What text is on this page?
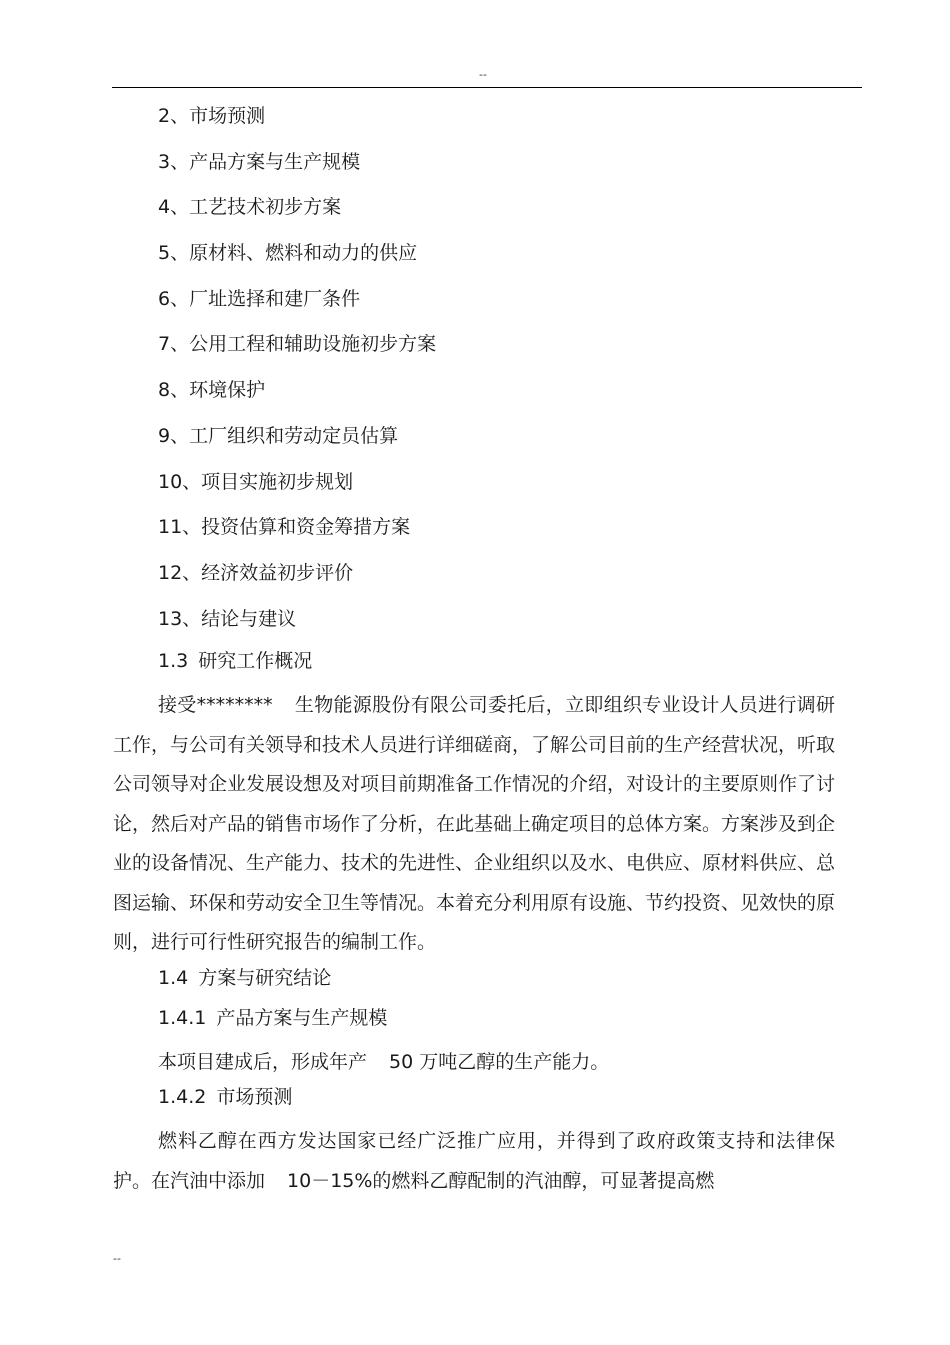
--
2、市场预测
3、产品方案与生产规模
4、工艺技术初步方案
5、原材料、燃料和动力的供应
6、厂址选择和建厂条件
7、公用工程和辅助设施初步方案
8、环境保护
9、工厂组织和劳动定员估算
10、项目实施初步规划
11、投资估算和资金筹措方案
12、经济效益初步评价
13、结论与建议
1.3 研究工作概况

接受******** 生物能源股份有限公司委托后，立即组织专业设计人员进行调研工作，与公司有关领导和技术人员进行详细磋商，了解公司目前的生产经营状况，听取公司领导对企业发展设想及对项目前期准备工作情况的介绍，对设计的主要原则作了讨论，然后对产品的销售市场作了分析，在此基础上确定项目的总体方案。方案涉及到企业的设备情况、生产能力、技术的先进性、企业组织以及水、电供应、原材料供应、总图运输、环保和劳动安全卫生等情况。本着充分利用原有设施、节约投资、见效快的原则，进行可行性研究报告的编制工作。

1.4 方案与研究结论
1.4.1 产品方案与生产规模

本项目建成后，形成年产 50 万吨乙醇的生产能力。

1.4.2 市场预测

燃料乙醇在西方发达国家已经广泛推广应用，并得到了政府政策支持和法律保护。在汽油中添加 10－15%的燃料乙醇配制的汽油醇，可显著提高燃

--
